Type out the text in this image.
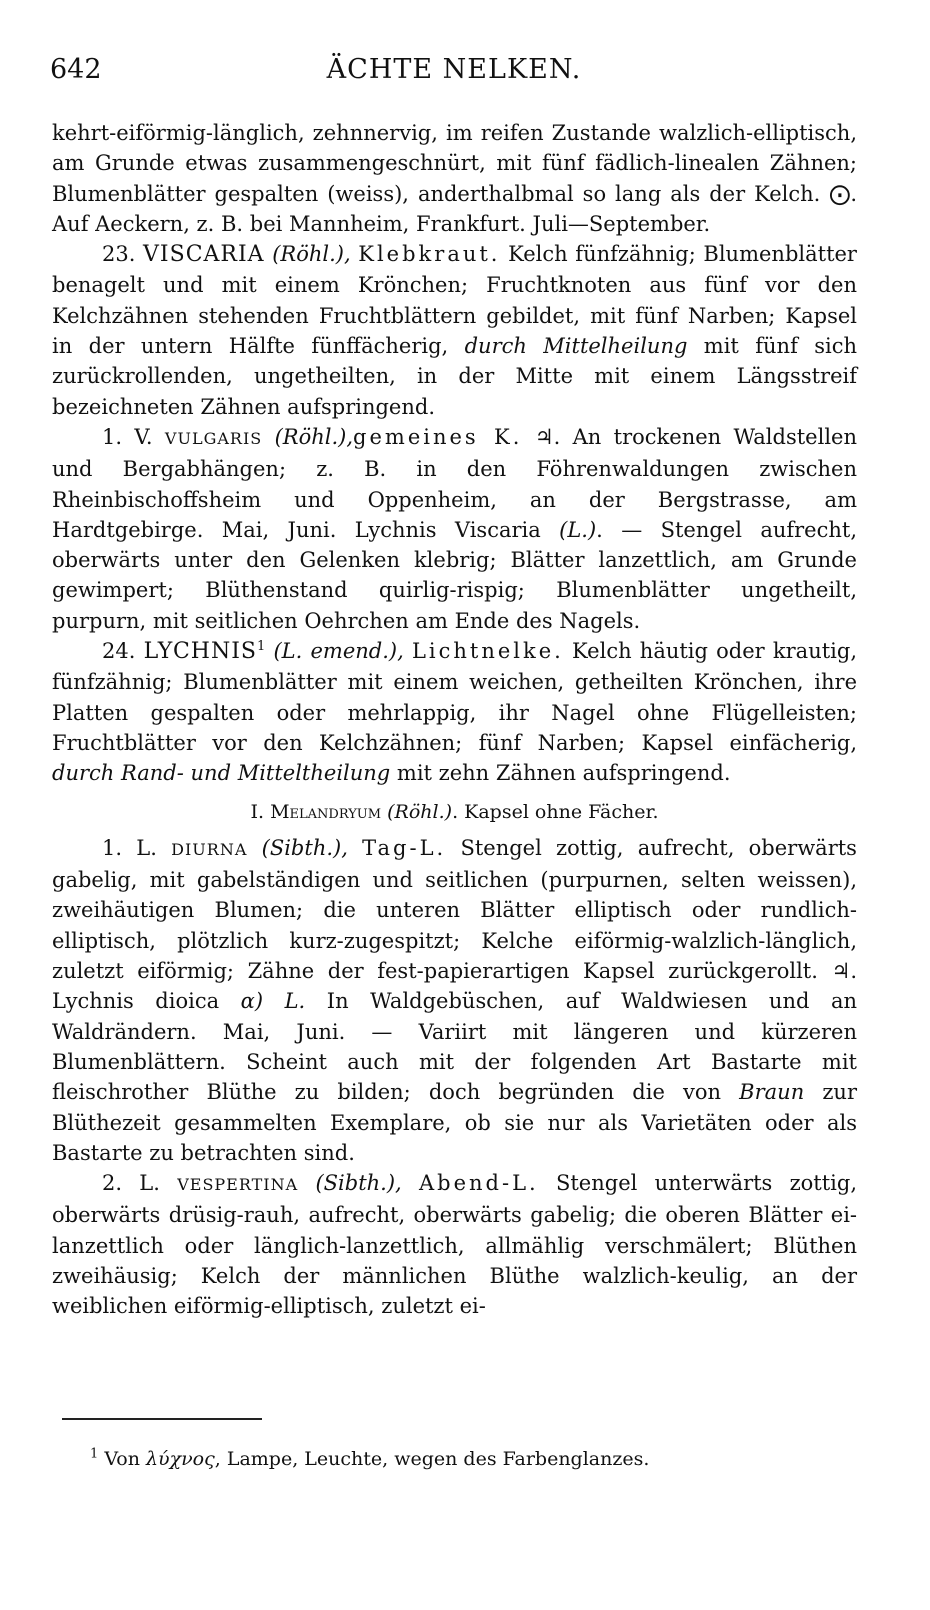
642	ÄCHTE NELKEN.

kehrt-eiförmig-länglich, zehnnervig, im reifen Zustande walzlich-elliptisch, am Grunde etwas zusammengeschnürt, mit fünf fädlich-linealen Zähnen; Blumenblätter gespalten (weiss), anderthalbmal so lang als der Kelch. ⨀. Auf Aeckern, z. B. bei Mannheim, Frankfurt. Juli—September.

23. VISCARIA (Röhl.), Klebkraut. Kelch fünfzähnig; Blumenblätter benagelt und mit einem Krönchen; Fruchtknoten aus fünf vor den Kelchzähnen stehenden Fruchtblättern gebildet, mit fünf Narben; Kapsel in der untern Hälfte fünffächerig, durch Mittelheilung mit fünf sich zurückrollenden, ungetheilten, in der Mitte mit einem Längsstreif bezeichneten Zähnen aufspringend.

1. V. VULGARIS (Röhl.),gemeines K. ♃. An trockenen Waldstellen und Bergabhängen; z. B. in den Föhrenwaldungen zwischen Rheinbischoffsheim und Oppenheim, an der Bergstrasse, am Hardtgebirge. Mai, Juni. Lychnis Viscaria (L.). — Stengel aufrecht, oberwärts unter den Gelenken klebrig; Blätter lanzettlich, am Grunde gewimpert; Blüthenstand quirlig-rispig; Blumenblätter ungetheilt, purpurn, mit seitlichen Oehrchen am Ende des Nagels.

24. LYCHNIS$^1$ (L. emend.), Lichtnelke. Kelch häutig oder krautig, fünfzähnig; Blumenblätter mit einem weichen, getheilten Krönchen, ihre Platten gespalten oder mehrlappig, ihr Nagel ohne Flügelleisten; Fruchtblätter vor den Kelchzähnen; fünf Narben; Kapsel einfächerig, durch Rand- und Mitteltheilung mit zehn Zähnen aufspringend.

I. Melandryum (Röhl.). Kapsel ohne Fächer.

1. L. DIURNA (Sibth.), Tag-L. Stengel zottig, aufrecht, oberwärts gabelig, mit gabelständigen und seitlichen (purpurnen, selten weissen), zweihäutigen Blumen; die unteren Blätter elliptisch oder rundlich-elliptisch, plötzlich kurz-zugespitzt; Kelche eiförmig-walzlich-länglich, zuletzt eiförmig; Zähne der fest-papierartigen Kapsel zurückgerollt. ♃. Lychnis dioica α) L. In Waldgebüschen, auf Waldwiesen und an Waldrändern. Mai, Juni. — Variirt mit längeren und kürzeren Blumenblättern. Scheint auch mit der folgenden Art Bastarte mit fleischrother Blüthe zu bilden; doch begründen die von Braun zur Blüthezeit gesammelten Exemplare, ob sie nur als Varietäten oder als Bastarte zu betrachten sind.

2. L. VESPERTINA (Sibth.), Abend-L. Stengel unterwärts zottig, oberwärts drüsig-rauh, aufrecht, oberwärts gabelig; die oberen Blätter ei-lanzettlich oder länglich-lanzettlich, allmählig verschmälert; Blüthen zweihäusig; Kelch der männlichen Blüthe walzlich-keulig, an der weiblichen eiförmig-elliptisch, zuletzt ei-

$^1$ Von λύχνος, Lampe, Leuchte, wegen des Farbenglanzes.
